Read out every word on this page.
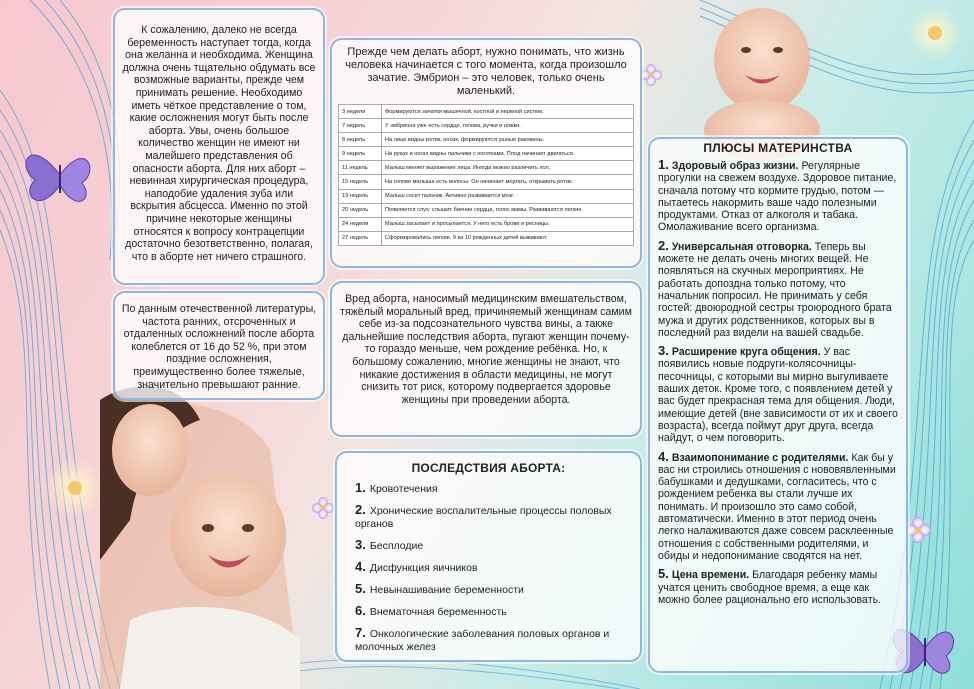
К сожалению, далеко не всегда беременность наступает тогда, когда она желанна и необходима. Женщина должна очень тщательно обдумать все возможные варианты, прежде чем принимать решение. Необходимо иметь чёткое представление о том, какие осложнения могут быть после аборта. Увы, очень большое количество женщин не имеют ни малейшего представления об опасности аборта. Для них аборт – невинная хирургическая процедура, наподобие удаления зуба или вскрытия абсцесса. Именно по этой причине некоторые женщины относятся к вопросу контрацепции достаточно безответственно, полагая, что в аборте нет ничего страшного.
По данным отечественной литературы, частота ранних, отсроченных и отдаленных осложнений после аборта колеблется от 16 до 52 %, при этом поздние осложнения, преимущественно более тяжелые, значительно превышают ранние.
Прежде чем делать аборт, нужно понимать, что жизнь человека начинается с того момента, когда произошло зачатие. Эмбрион – это человек, только очень маленький.
3 недели	Формируются зачатки мышечной, костной и нервной систем.
7 недель	У эмбриона уже есть сердце, голова, ручки и ножки.
8 недель	На лице видны ротик, носик, формируются ушные раковины.
9 недель	На руках и ногах видны пальчики с ноготками. Плод начинает двигаться.
11 недель	Малыш меняет выражение лица. Иногда можно различить пол.
15 недель	На голове малыша есть волосы. Он начинает моргать, открывать ротик.
19 недель	Малыш сосет пальчик. Активно развивается мозг.
20 недель	Появляется слух: слышит биение сердца, голос мамы. Развиваются легкие.
24 недели	Малыш засыпает и просыпается. У него есть брови и ресницы.
27 недель	Сформировались легкие. 9 из 10 рожденных детей выживают.
Вред аборта, наносимый медицинским вмешательством, тяжёлый моральный вред, причиняемый женщинам самим себе из-за подсознательного чувства вины, а также дальнейшие последствия аборта, пугают женщин почему-то гораздо меньше, чем рождение ребёнка. Но, к большому сожалению, многие женщины не знают, что никакие достижения в области медицины, не могут снизить тот риск, которому подвергается здоровье женщины при проведении аборта.
ПОСЛЕДСТВИЯ АБОРТА:
1. Кровотечения
2. Хронические воспалительные процессы половых органов
3. Бесплодие
4. Дисфункция яичников
5. Невынашивание беременности
6. Внематочная беременность
7. Онкологические заболевания половых органов и молочных желез
ПЛЮСЫ МАТЕРИНСТВА
1. Здоровый образ жизни. Регулярные прогулки на свежем воздухе. Здоровое питание, сначала потому что кормите грудью, потом — пытаетесь накормить ваше чадо полезными продуктами. Отказ от алкоголя и табака. Омолаживание всего организма.
2. Универсальная отговорка. Теперь вы можете не делать очень многих вещей. Не появляться на скучных мероприятиях. Не работать допоздна только потому, что начальник попросил. Не принимать у себя гостей: двоюродной сестры троюродного брата мужа и других родственников, которых вы в последний раз видели на вашей свадьбе.
3. Расширение круга общения. У вас появились новые подруги-колясочницы-песочницы, с которыми вы мирно выгуливаете ваших деток. Кроме того, с появлением детей у вас будет прекрасная тема для общения. Люди, имеющие детей (вне зависимости от их и своего возраста), всегда поймут друг друга, всегда найдут, о чем поговорить.
4. Взаимопонимание с родителями. Как бы у вас ни строились отношения с нововявленными бабушками и дедушками, согласитесь, что с рождением ребенка вы стали лучше их понимать. И произошло это само собой, автоматически. Именно в этот период очень легко налаживаются даже совсем расклеенные отношения с собственными родителями, и обиды и недопонимание сводятся на нет.
5. Цена времени. Благодаря ребенку мамы учатся ценить свободное время, а еще как можно более рационально его использовать.
